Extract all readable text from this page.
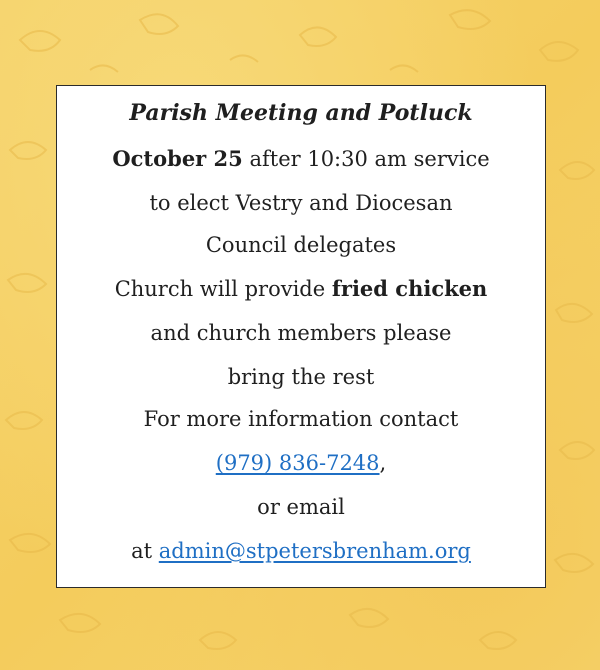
Parish Meeting and Potluck
October 25 after 10:30 am service
to elect Vestry and Diocesan
Council delegates
Church will provide fried chicken
and church members please
bring the rest
For more information contact
(979) 836-7248,
or email
at admin@stpetersbrenham.org
